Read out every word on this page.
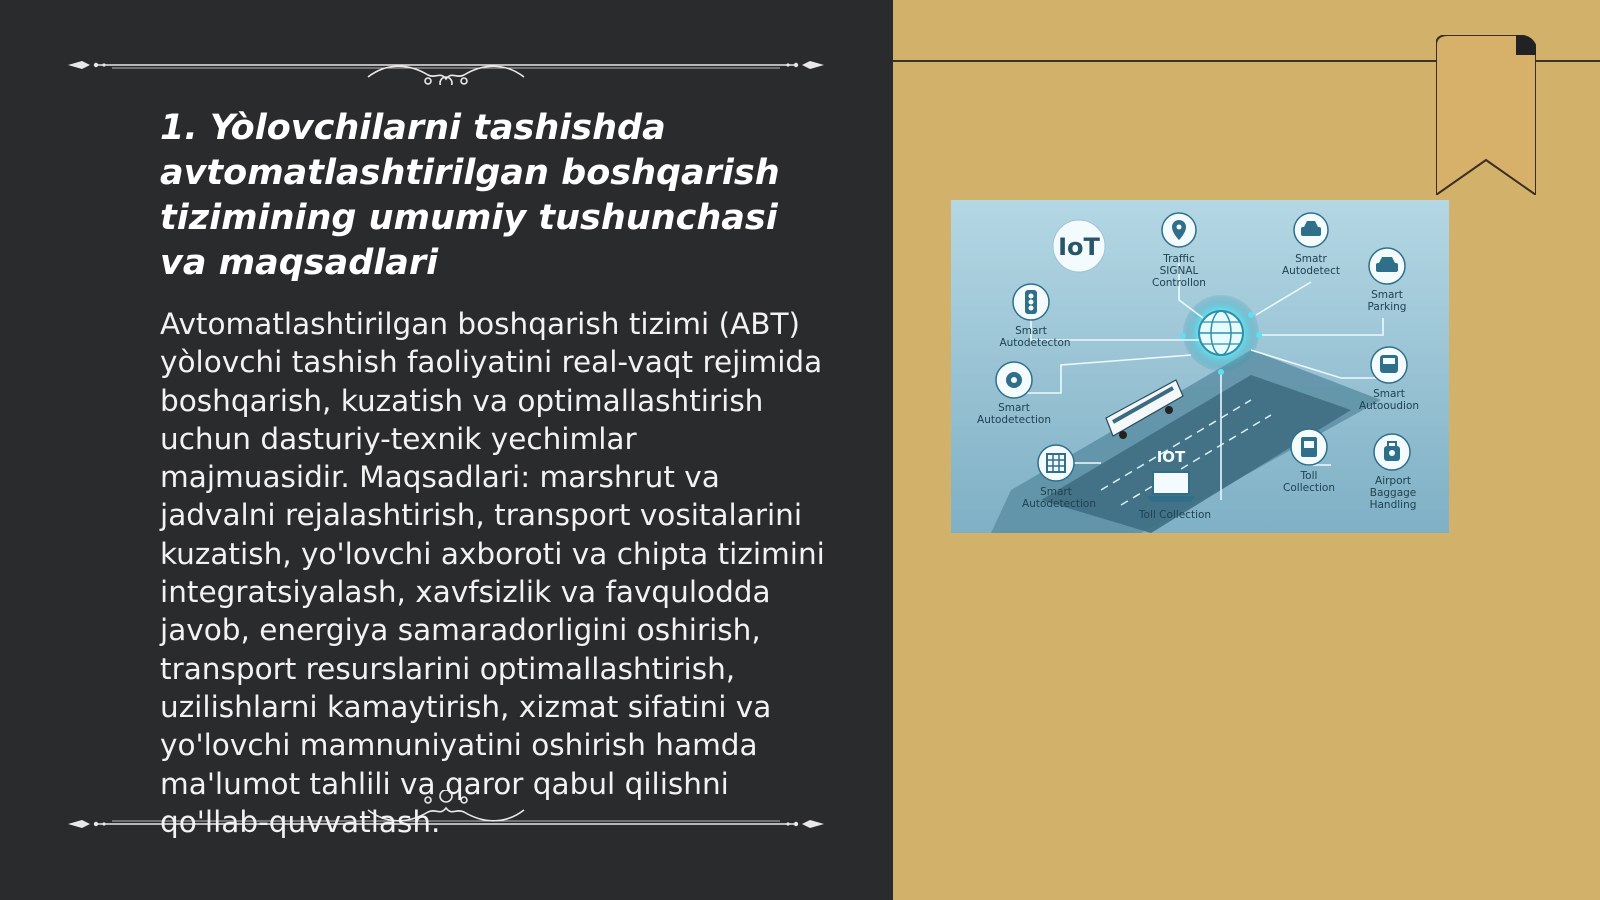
1. Yòlovchilarni tashishda avtomatlashtirilgan boshqarish tizimining umumiy tushunchasi va maqsadlari

Avtomatlashtirilgan boshqarish tizimi (ABT) yòlovchi tashish faoliyatini real-vaqt rejimida boshqarish, kuzatish va optimallashtirish uchun dasturiy-texnik yechimlar majmuasidir. Maqsadlari: marshrut va jadvalni rejalashtirish, transport vositalarini kuzatish, yo'lovchi axboroti va chipta tizimini integratsiyalash, xavfsizlik va favqulodda javob, energiya samaradorligini oshirish, transport resurslarini optimallashtirish, uzilishlarni kamaytirish, xizmat sifatini va yo'lovchi mamnuniyatini oshirish hamda ma'lumot tahlili va qaror qabul qilishni qo'llab-quvvatlash.

IoT	Traffic
SIGNAL
Controllon
Smatr
Autodetect
Smart
Parking
Smart
Autodetecton
Smart
Autodetection
Smart
Autooudion
Smart
Autodetection
IOT
Toll Collection
Toll
Collection
Airport
Baggage
Handling
